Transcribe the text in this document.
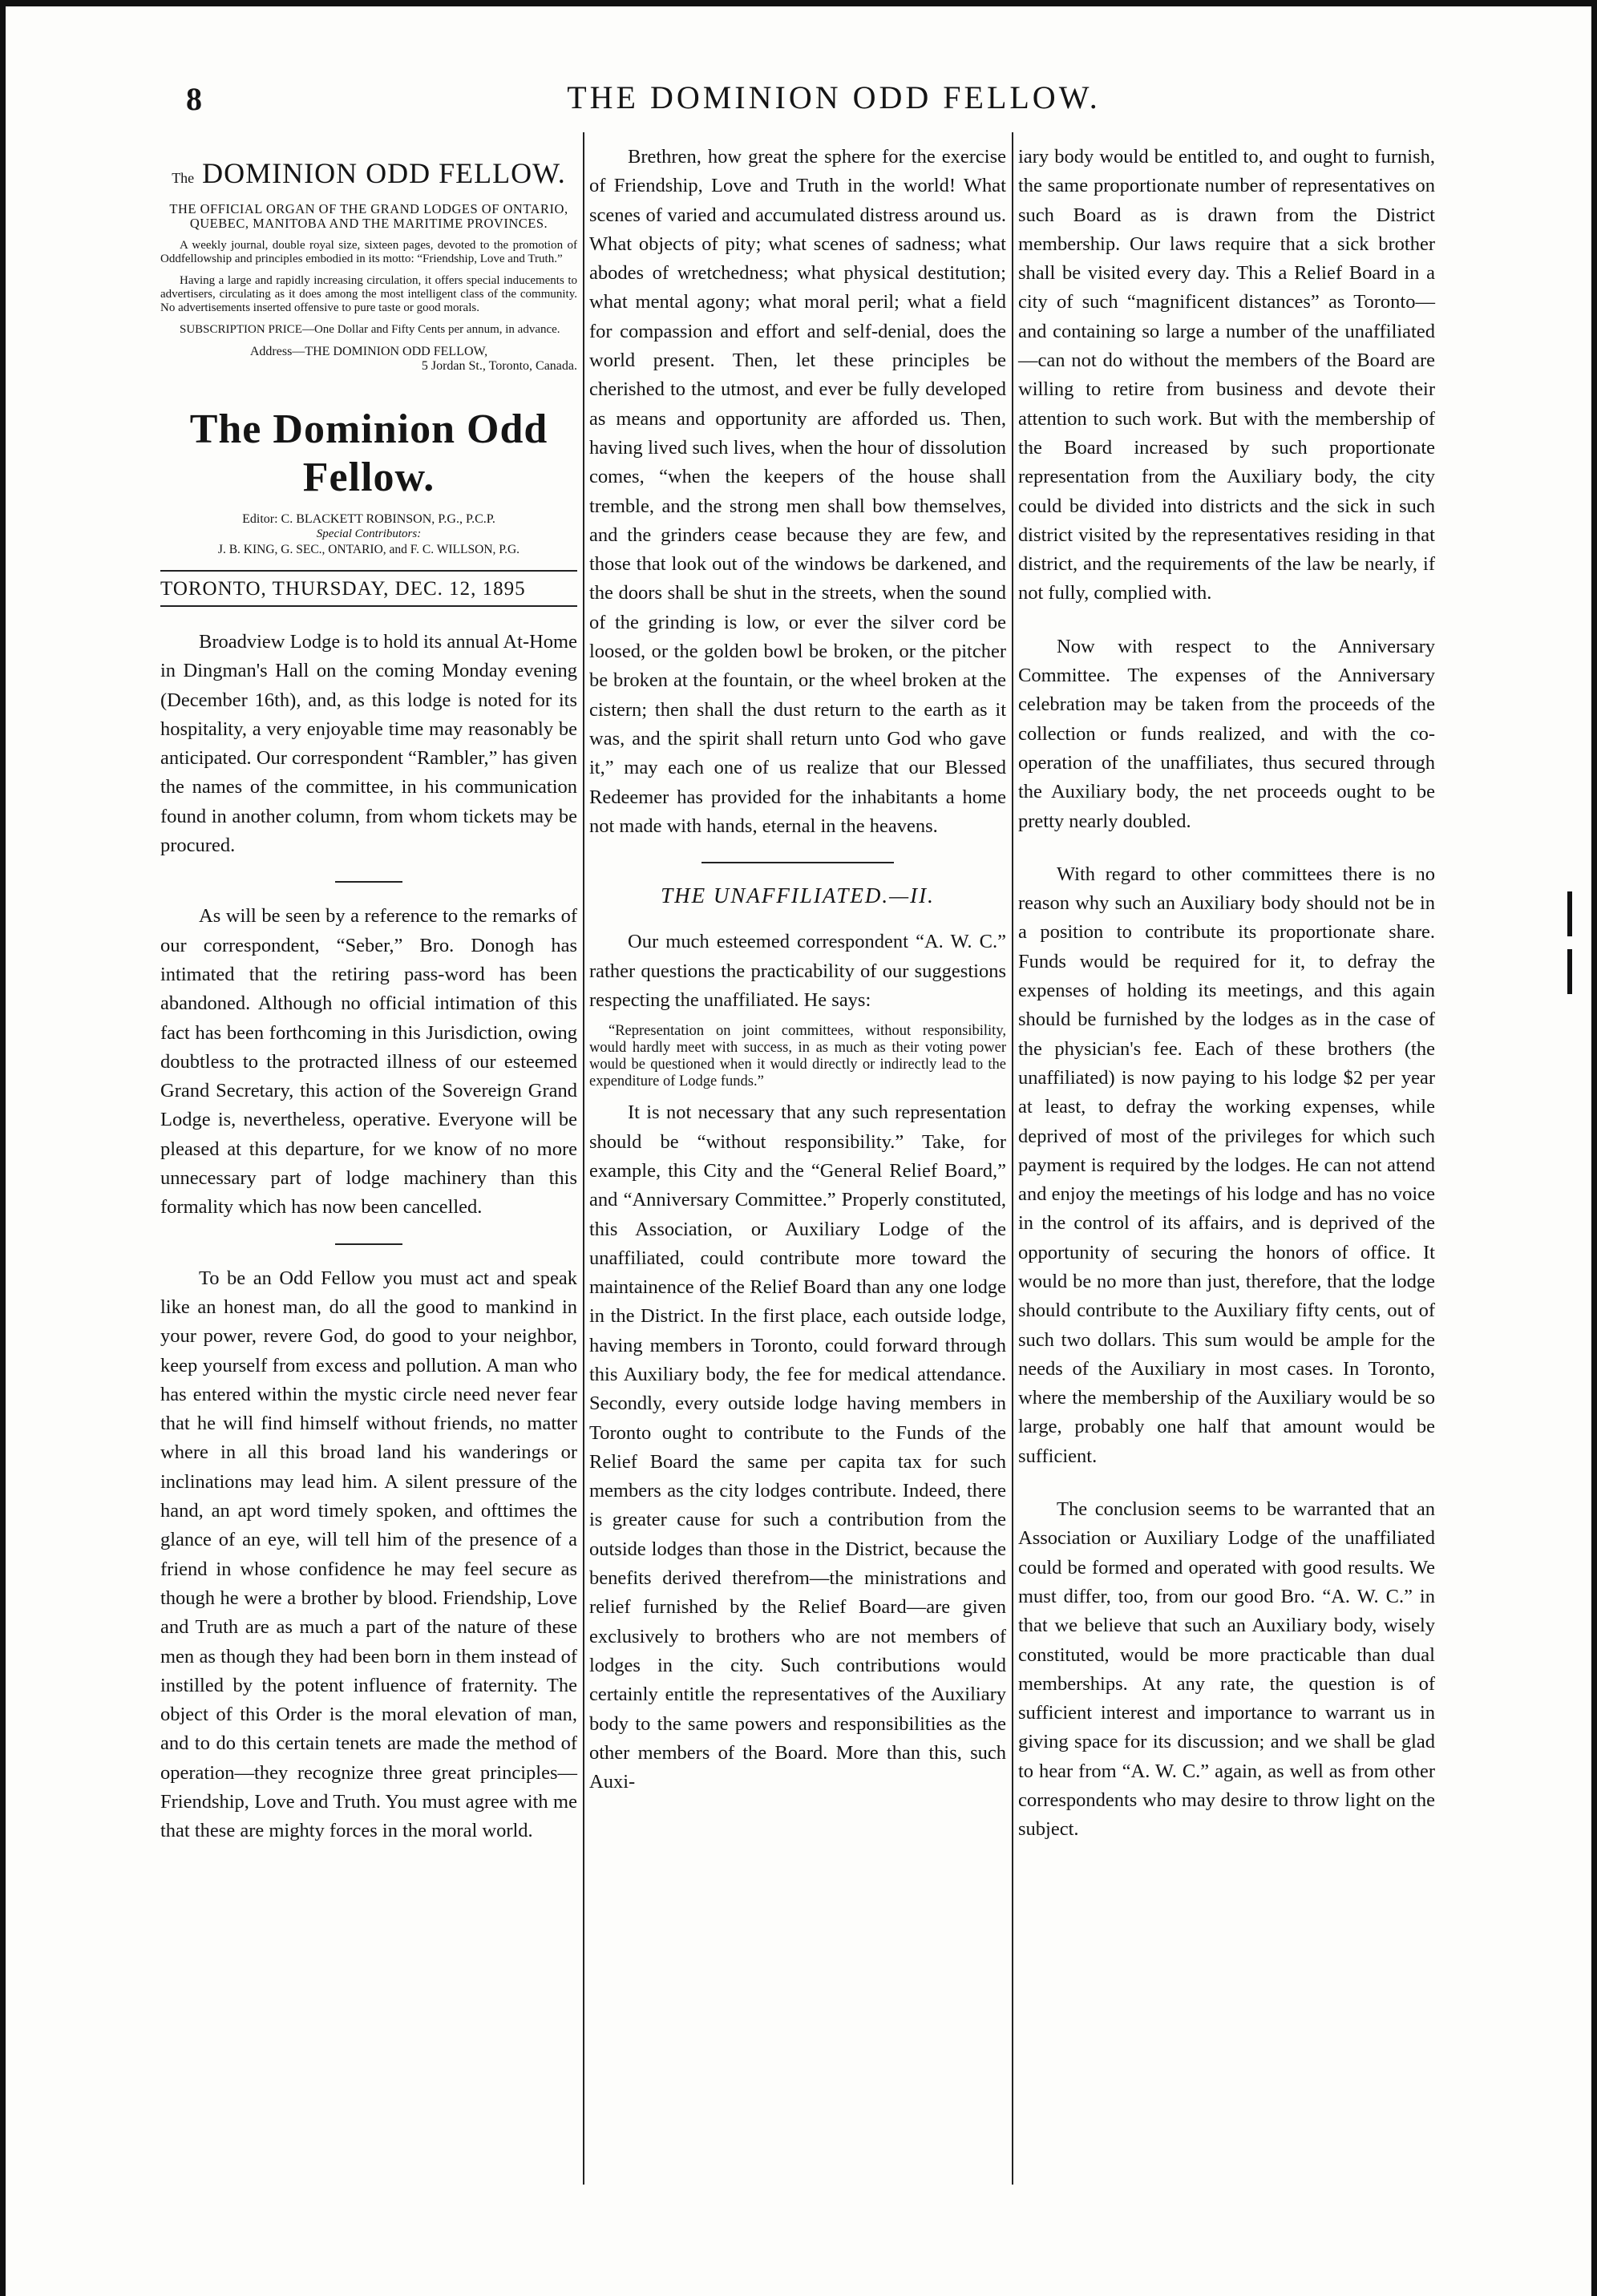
8	THE DOMINION ODD FELLOW.
The DOMINION ODD FELLOW.

THE OFFICIAL ORGAN OF THE GRAND LODGES OF ONTARIO, QUEBEC, MANITOBA AND THE MARITIME PROVINCES.

A weekly journal, double royal size, sixteen pages, devoted to the promotion of Oddfellowship and principles embodied in its motto: “Friendship, Love and Truth.”

Having a large and rapidly increasing circulation, it offers special inducements to advertisers, circulating as it does among the most intelligent class of the community. No advertisements inserted offensive to pure taste or good morals.

SUBSCRIPTION PRICE—One Dollar and Fifty Cents per annum, in advance.

Address—THE DOMINION ODD FELLOW,

5 Jordan St., Toronto, Canada.

The Dominion Odd Fellow.

Editor: C. BLACKETT ROBINSON, P.G., P.C.P.

Special Contributors:

J. B. KING, G. SEC., ONTARIO, and F. C. WILLSON, P.G.

TORONTO, THURSDAY, DEC. 12, 1895

Broadview Lodge is to hold its annual At-Home in Dingman's Hall on the coming Monday evening (December 16th), and, as this lodge is noted for its hospitality, a very enjoyable time may reasonably be anticipated. Our correspondent “Rambler,” has given the names of the committee, in his communication found in another column, from whom tickets may be procured.

As will be seen by a reference to the remarks of our correspondent, “Seber,” Bro. Donogh has intimated that the retiring pass-word has been abandoned. Although no official intimation of this fact has been forthcoming in this Jurisdiction, owing doubtless to the protracted illness of our esteemed Grand Secretary, this action of the Sovereign Grand Lodge is, nevertheless, operative. Everyone will be pleased at this departure, for we know of no more unnecessary part of lodge machinery than this formality which has now been cancelled.

To be an Odd Fellow you must act and speak like an honest man, do all the good to mankind in your power, revere God, do good to your neighbor, keep yourself from excess and pollution. A man who has entered within the mystic circle need never fear that he will find himself without friends, no matter where in all this broad land his wanderings or inclinations may lead him. A silent pressure of the hand, an apt word timely spoken, and ofttimes the glance of an eye, will tell him of the presence of a friend in whose confidence he may feel secure as though he were a brother by blood. Friendship, Love and Truth are as much a part of the nature of these men as though they had been born in them instead of instilled by the potent influence of fraternity. The object of this Order is the moral elevation of man, and to do this certain tenets are made the method of operation—they recognize three great principles—Friendship, Love and Truth. You must agree with me that these are mighty forces in the moral world.

Brethren, how great the sphere for the exercise of Friendship, Love and Truth in the world! What scenes of varied and accumulated distress around us. What objects of pity; what scenes of sadness; what abodes of wretchedness; what physical destitution; what mental agony; what moral peril; what a field for compassion and effort and self-denial, does the world present. Then, let these principles be cherished to the utmost, and ever be fully developed as means and opportunity are afforded us. Then, having lived such lives, when the hour of dissolution comes, “when the keepers of the house shall tremble, and the strong men shall bow themselves, and the grinders cease because they are few, and those that look out of the windows be darkened, and the doors shall be shut in the streets, when the sound of the grinding is low, or ever the silver cord be loosed, or the golden bowl be broken, or the pitcher be broken at the fountain, or the wheel broken at the cistern; then shall the dust return to the earth as it was, and the spirit shall return unto God who gave it,” may each one of us realize that our Blessed Redeemer has provided for the inhabitants a home not made with hands, eternal in the heavens.

THE UNAFFILIATED.—II.

Our much esteemed correspondent “A. W. C.” rather questions the practicability of our suggestions respecting the unaffiliated. He says:

“Representation on joint committees, without responsibility, would hardly meet with success, in as much as their voting power would be questioned when it would directly or indirectly lead to the expenditure of Lodge funds.”

It is not necessary that any such representation should be “without responsibility.” Take, for example, this City and the “General Relief Board,” and “Anniversary Committee.” Properly constituted, this Association, or Auxiliary Lodge of the unaffiliated, could contribute more toward the maintainence of the Relief Board than any one lodge in the District. In the first place, each outside lodge, having members in Toronto, could forward through this Auxiliary body, the fee for medical attendance. Secondly, every outside lodge having members in Toronto ought to contribute to the Funds of the Relief Board the same per capita tax for such members as the city lodges contribute. Indeed, there is greater cause for such a contribution from the outside lodges than those in the District, because the benefits derived therefrom—the ministrations and relief furnished by the Relief Board—are given exclusively to brothers who are not members of lodges in the city. Such contributions would certainly entitle the representatives of the Auxiliary body to the same powers and responsibilities as the other members of the Board. More than this, such Auxi-

iary body would be entitled to, and ought to furnish, the same proportionate number of representatives on such Board as is drawn from the District membership. Our laws require that a sick brother shall be visited every day. This a Relief Board in a city of such “magnificent distances” as Toronto—and containing so large a number of the unaffiliated—can not do without the members of the Board are willing to retire from business and devote their attention to such work. But with the membership of the Board increased by such proportionate representation from the Auxiliary body, the city could be divided into districts and the sick in such district visited by the representatives residing in that district, and the requirements of the law be nearly, if not fully, complied with.

Now with respect to the Anniversary Committee. The expenses of the Anniversary celebration may be taken from the proceeds of the collection or funds realized, and with the co-operation of the unaffiliates, thus secured through the Auxiliary body, the net proceeds ought to be pretty nearly doubled.

With regard to other committees there is no reason why such an Auxiliary body should not be in a position to contribute its proportionate share. Funds would be required for it, to defray the expenses of holding its meetings, and this again should be furnished by the lodges as in the case of the physician's fee. Each of these brothers (the unaffiliated) is now paying to his lodge $2 per year at least, to defray the working expenses, while deprived of most of the privileges for which such payment is required by the lodges. He can not attend and enjoy the meetings of his lodge and has no voice in the control of its affairs, and is deprived of the opportunity of securing the honors of office. It would be no more than just, therefore, that the lodge should contribute to the Auxiliary fifty cents, out of such two dollars. This sum would be ample for the needs of the Auxiliary in most cases. In Toronto, where the membership of the Auxiliary would be so large, probably one half that amount would be sufficient.

The conclusion seems to be warranted that an Association or Auxiliary Lodge of the unaffiliated could be formed and operated with good results. We must differ, too, from our good Bro. “A. W. C.” in that we believe that such an Auxiliary body, wisely constituted, would be more practicable than dual memberships. At any rate, the question is of sufficient interest and importance to warrant us in giving space for its discussion; and we shall be glad to hear from “A. W. C.” again, as well as from other correspondents who may desire to throw light on the subject.
